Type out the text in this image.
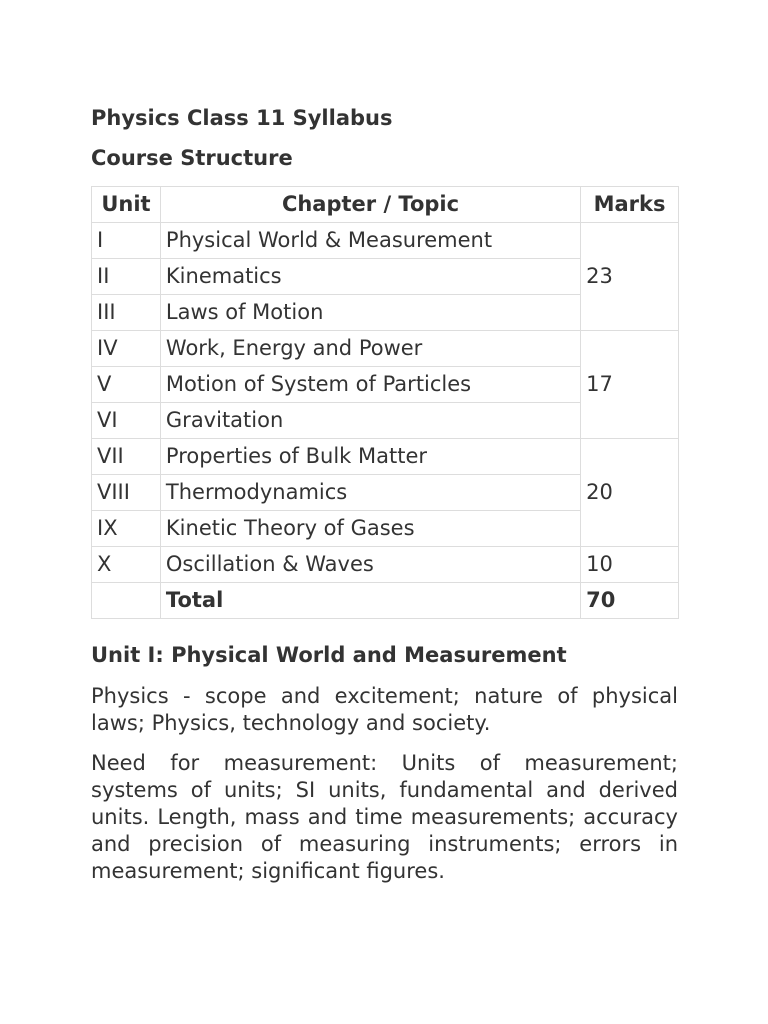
Physics Class 11 Syllabus
Course Structure
Unit	Chapter / Topic	Marks
I	Physical World & Measurement	23
II	Kinematics	
III	Laws of Motion	
IV	Work, Energy and Power	17
V	Motion of System of Particles	
VI	Gravitation	
VII	Properties of Bulk Matter	20
VIII	Thermodynamics	
IX	Kinetic Theory of Gases	
X	Oscillation & Waves	10
	Total	70
Unit I: Physical World and Measurement

Physics - scope and excitement; nature of physical laws; Physics, technology and society.

Need for measurement: Units of measurement; systems of units; SI units, fundamental and derived units. Length, mass and time measurements; accuracy and precision of measuring instruments; errors in measurement; significant figures.
